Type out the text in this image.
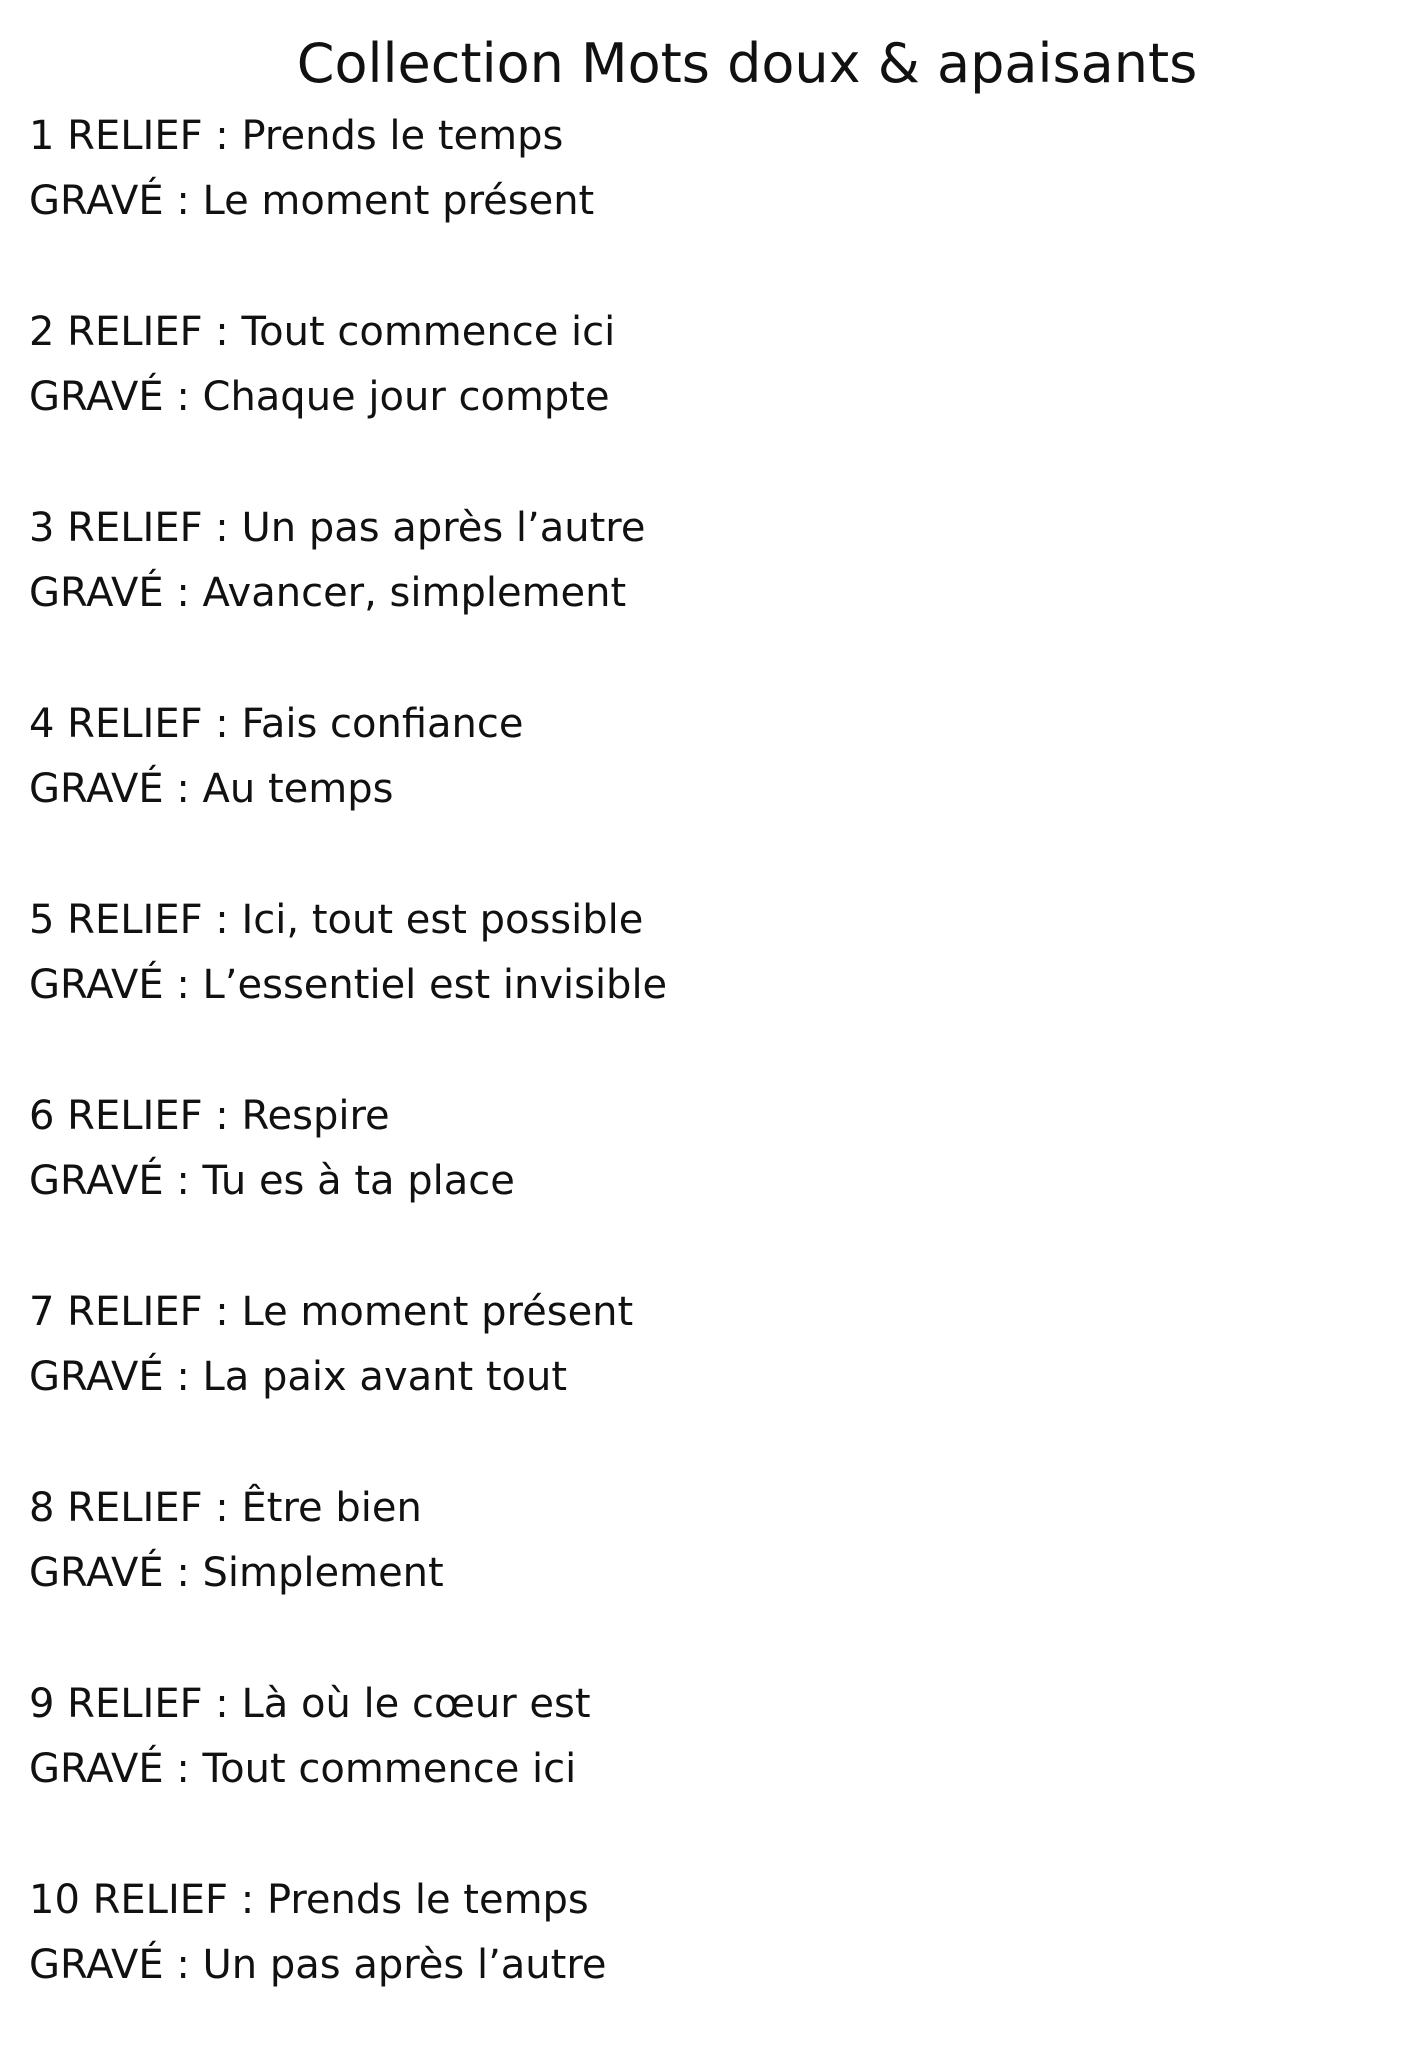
Collection Mots doux & apaisants
1 RELIEF : Prends le temps
GRAVÉ : Le moment présent
2 RELIEF : Tout commence ici
GRAVÉ : Chaque jour compte
3 RELIEF : Un pas après l’autre
GRAVÉ : Avancer, simplement
4 RELIEF : Fais confiance
GRAVÉ : Au temps
5 RELIEF : Ici, tout est possible
GRAVÉ : L’essentiel est invisible
6 RELIEF : Respire
GRAVÉ : Tu es à ta place
7 RELIEF : Le moment présent
GRAVÉ : La paix avant tout
8 RELIEF : Être bien
GRAVÉ : Simplement
9 RELIEF : Là où le cœur est
GRAVÉ : Tout commence ici
10 RELIEF : Prends le temps
GRAVÉ : Un pas après l’autre
